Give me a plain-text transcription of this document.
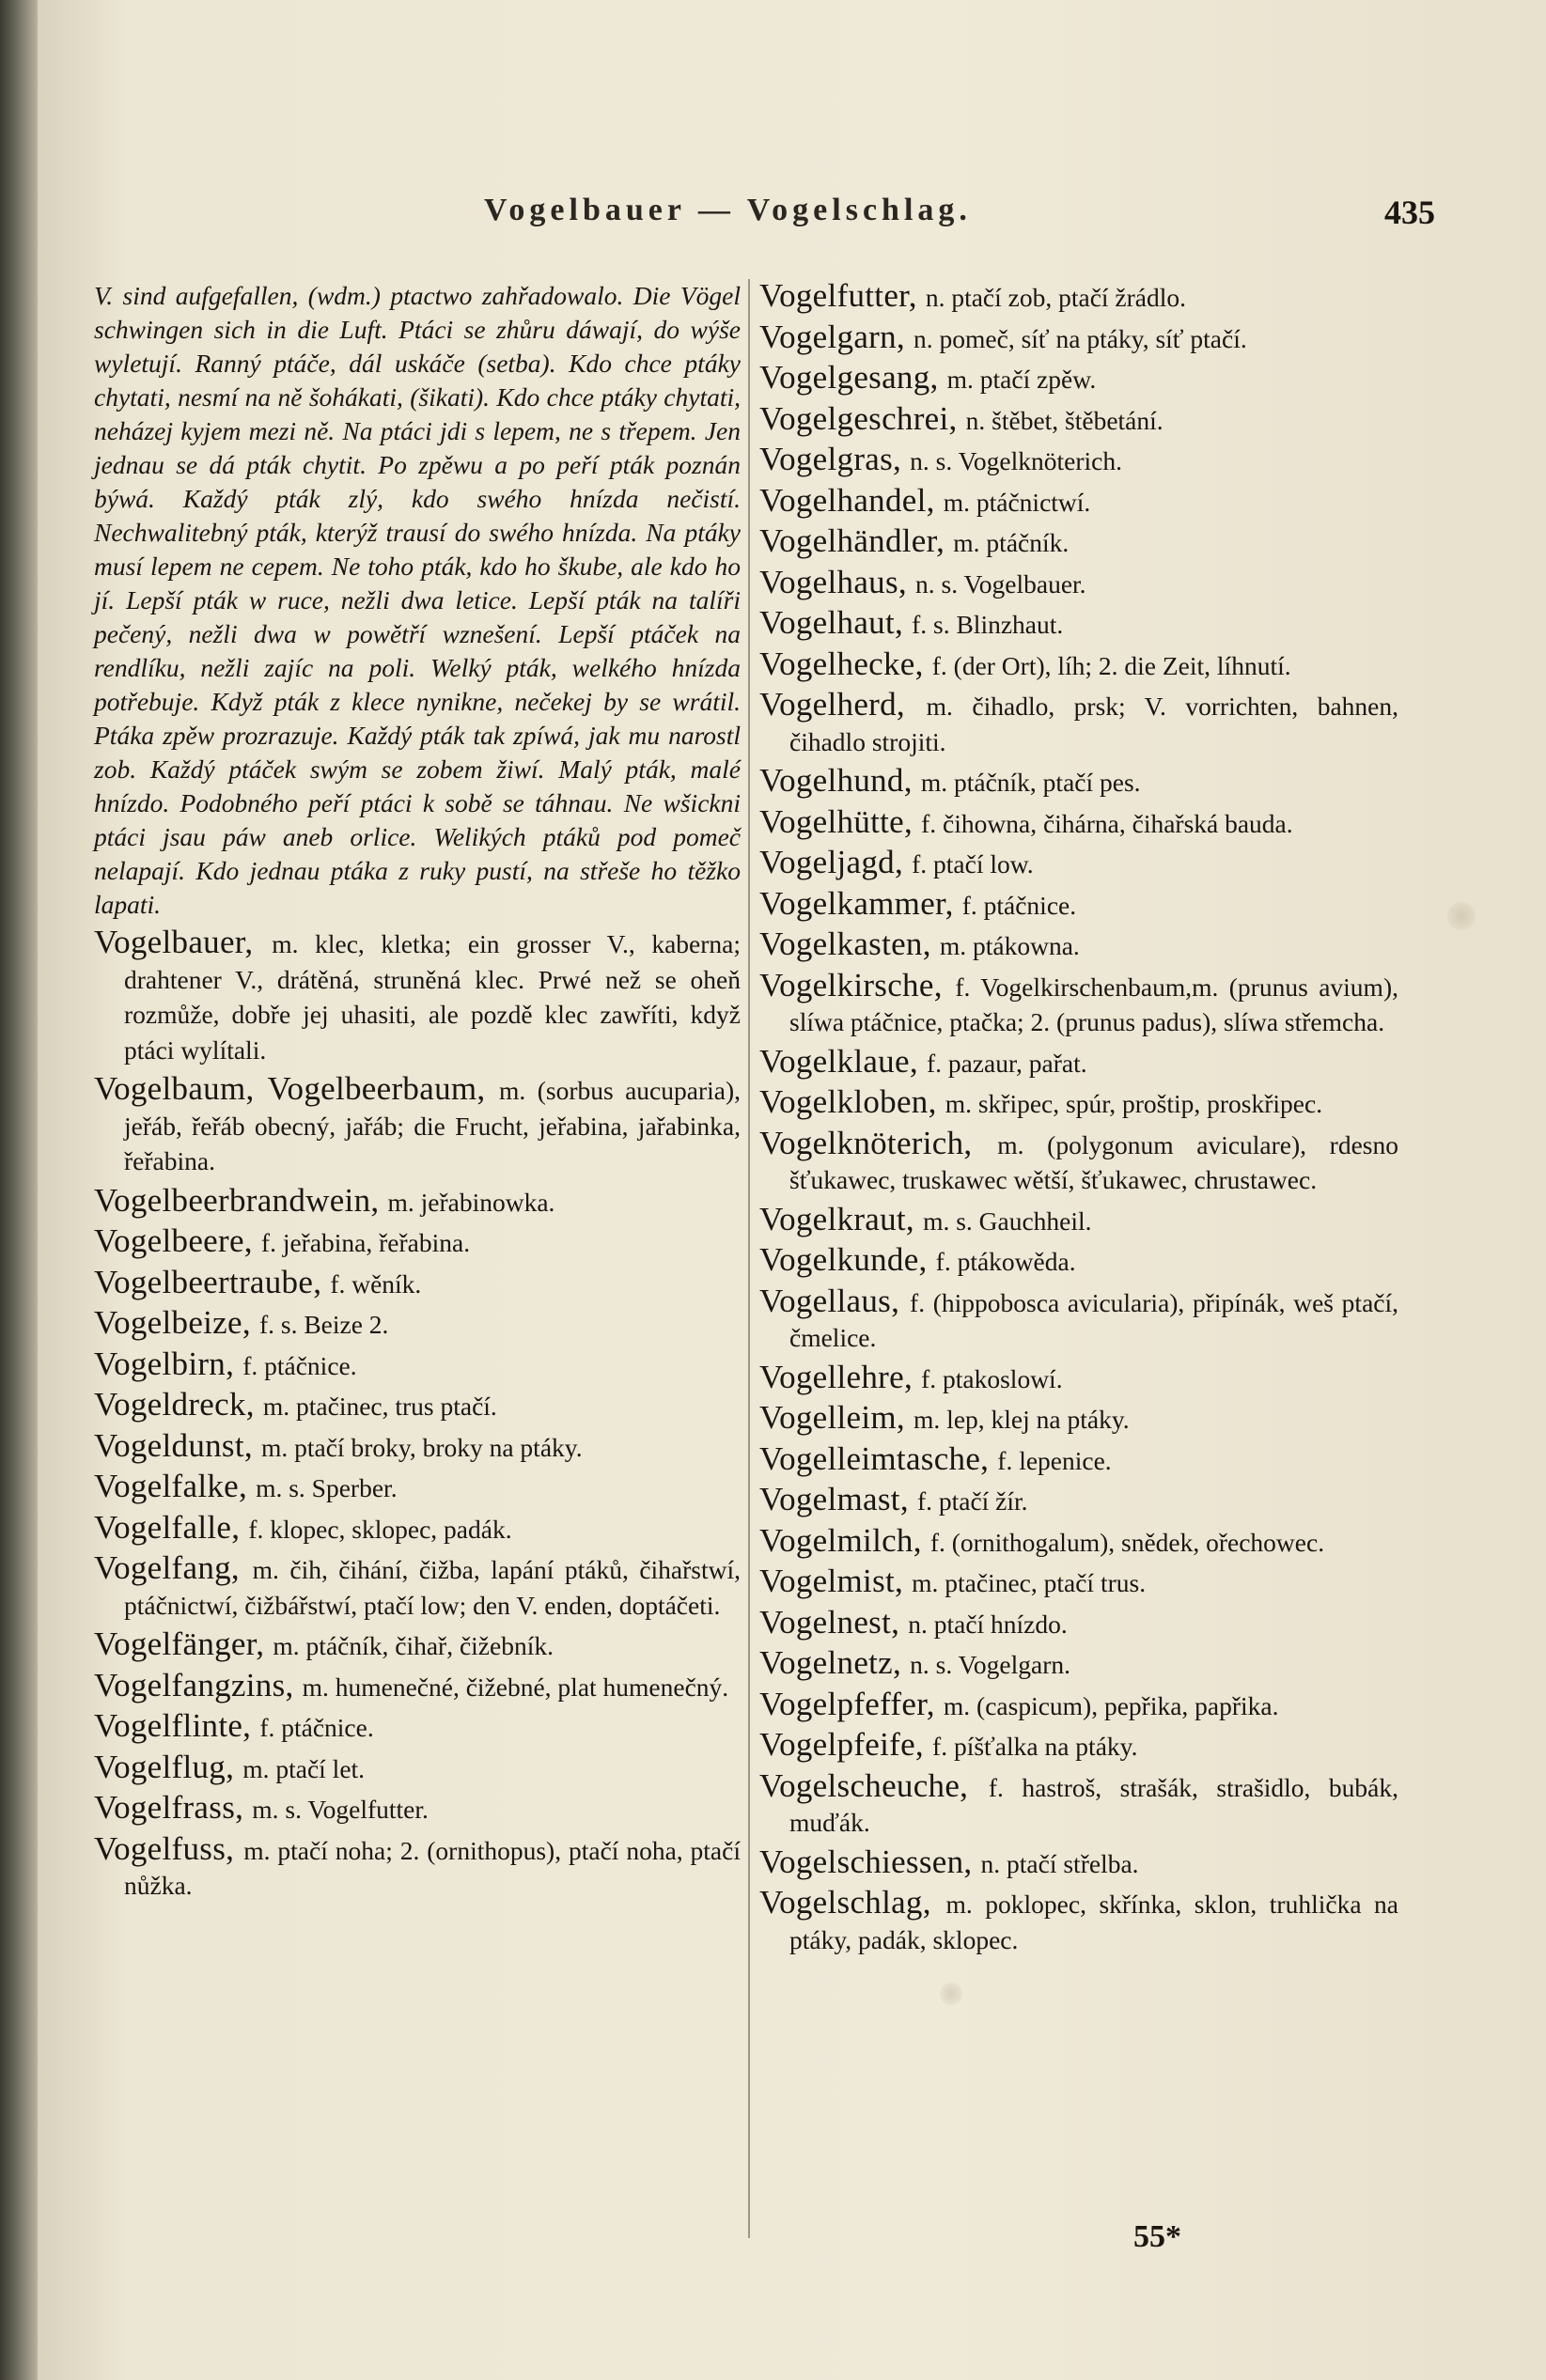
Vogelbauer — Vogelschlag.	435

V. sind aufgefallen, (wdm.) ptactwo zahřadowalo. Die Vögel schwingen sich in die Luft. Ptáci se zhůru dáwají, do wýše wyletují. Ranný ptáče, dál uskáče (setba). Kdo chce ptáky chytati, nesmí na ně šohákati, (šikati). Kdo chce ptáky chytati, neházej kyjem mezi ně. Na ptáci jdi s lepem, ne s třepem. Jen jednau se dá pták chytit. Po zpěwu a po peří pták poznán býwá. Každý pták zlý, kdo swého hnízda nečistí. Nechwalitebný pták, kterýž trausí do swého hnízda. Na ptáky musí lepem ne cepem. Ne toho pták, kdo ho škube, ale kdo ho jí. Lepší pták w ruce, nežli dwa letice. Lepší pták na talíři pečený, nežli dwa w powětří wznešení. Lepší ptáček na rendlíku, nežli zajíc na poli. Welký pták, welkého hnízda potřebuje. Když pták z klece nynikne, nečekej by se wrátil. Ptáka zpěw prozrazuje. Každý pták tak zpíwá, jak mu narostl zob. Každý ptáček swým se zobem žiwí. Malý pták, malé hnízdo. Podobného peří ptáci k sobě se táhnau. Ne wšickni ptáci jsau páw aneb orlice. Welikých ptáků pod pomeč nelapají. Kdo jednau ptáka z ruky pustí, na střeše ho těžko lapati.

Vogelbauer, m. klec, kletka; ein grosser V., kaberna; drahtener V., drátěná, struněná klec. Prwé než se oheň rozmůže, dobře jej uhasiti, ale pozdě klec zawříti, když ptáci wylítali.

Vogelbaum, Vogelbeerbaum, m. (sorbus aucuparia), jeřáb, řeřáb obecný, jařáb; die Frucht, jeřabina, jařabinka, řeřabina.

Vogelbeerbrandwein, m. jeřabinowka.

Vogelbeere, f. jeřabina, řeřabina.

Vogelbeertraube, f. wěník.

Vogelbeize, f. s. Beize 2.

Vogelbirn, f. ptáčnice.

Vogeldreck, m. ptačinec, trus ptačí.

Vogeldunst, m. ptačí broky, broky na ptáky.

Vogelfalke, m. s. Sperber.

Vogelfalle, f. klopec, sklopec, padák.

Vogelfang, m. čih, čihání, čižba, lapání ptáků, čihařstwí, ptáčnictwí, čižbářstwí, ptačí low; den V. enden, doptáčeti.

Vogelfänger, m. ptáčník, čihař, čižebník.

Vogelfangzins, m. humenečné, čižebné, plat humenečný.

Vogelflinte, f. ptáčnice.

Vogelflug, m. ptačí let.

Vogelfrass, m. s. Vogelfutter.

Vogelfuss, m. ptačí noha; 2. (ornithopus), ptačí noha, ptačí nůžka.

Vogelfutter, n. ptačí zob, ptačí žrádlo.

Vogelgarn, n. pomeč, síť na ptáky, síť ptačí.

Vogelgesang, m. ptačí zpěw.

Vogelgeschrei, n. štěbet, štěbetání.

Vogelgras, n. s. Vogelknöterich.

Vogelhandel, m. ptáčnictwí.

Vogelhändler, m. ptáčník.

Vogelhaus, n. s. Vogelbauer.

Vogelhaut, f. s. Blinzhaut.

Vogelhecke, f. (der Ort), líh; 2. die Zeit, líhnutí.

Vogelherd, m. čihadlo, prsk; V. vorrichten, bahnen, čihadlo strojiti.

Vogelhund, m. ptáčník, ptačí pes.

Vogelhütte, f. čihowna, čihárna, čihařská bauda.

Vogeljagd, f. ptačí low.

Vogelkammer, f. ptáčnice.

Vogelkasten, m. ptákowna.

Vogelkirsche, f. Vogelkirschenbaum,m. (prunus avium), slíwa ptáčnice, ptačka; 2. (prunus padus), slíwa střemcha.

Vogelklaue, f. pazaur, pařat.

Vogelkloben, m. skřipec, spúr, proštip, proskřipec.

Vogelknöterich, m. (polygonum aviculare), rdesno šťukawec, truskawec wětší, šťukawec, chrustawec.

Vogelkraut, m. s. Gauchheil.

Vogelkunde, f. ptákowěda.

Vogellaus, f. (hippobosca avicularia), připínák, weš ptačí, čmelice.

Vogellehre, f. ptakoslowí.

Vogelleim, m. lep, klej na ptáky.

Vogelleimtasche, f. lepenice.

Vogelmast, f. ptačí žír.

Vogelmilch, f. (ornithogalum), snědek, ořechowec.

Vogelmist, m. ptačinec, ptačí trus.

Vogelnest, n. ptačí hnízdo.

Vogelnetz, n. s. Vogelgarn.

Vogelpfeffer, m. (caspicum), pepřika, papřika.

Vogelpfeife, f. píšťalka na ptáky.

Vogelscheuche, f. hastroš, strašák, strašidlo, bubák, muďák.

Vogelschiessen, n. ptačí střelba.

Vogelschlag, m. poklopec, skřínka, sklon, truhlička na ptáky, padák, sklopec.

55*
